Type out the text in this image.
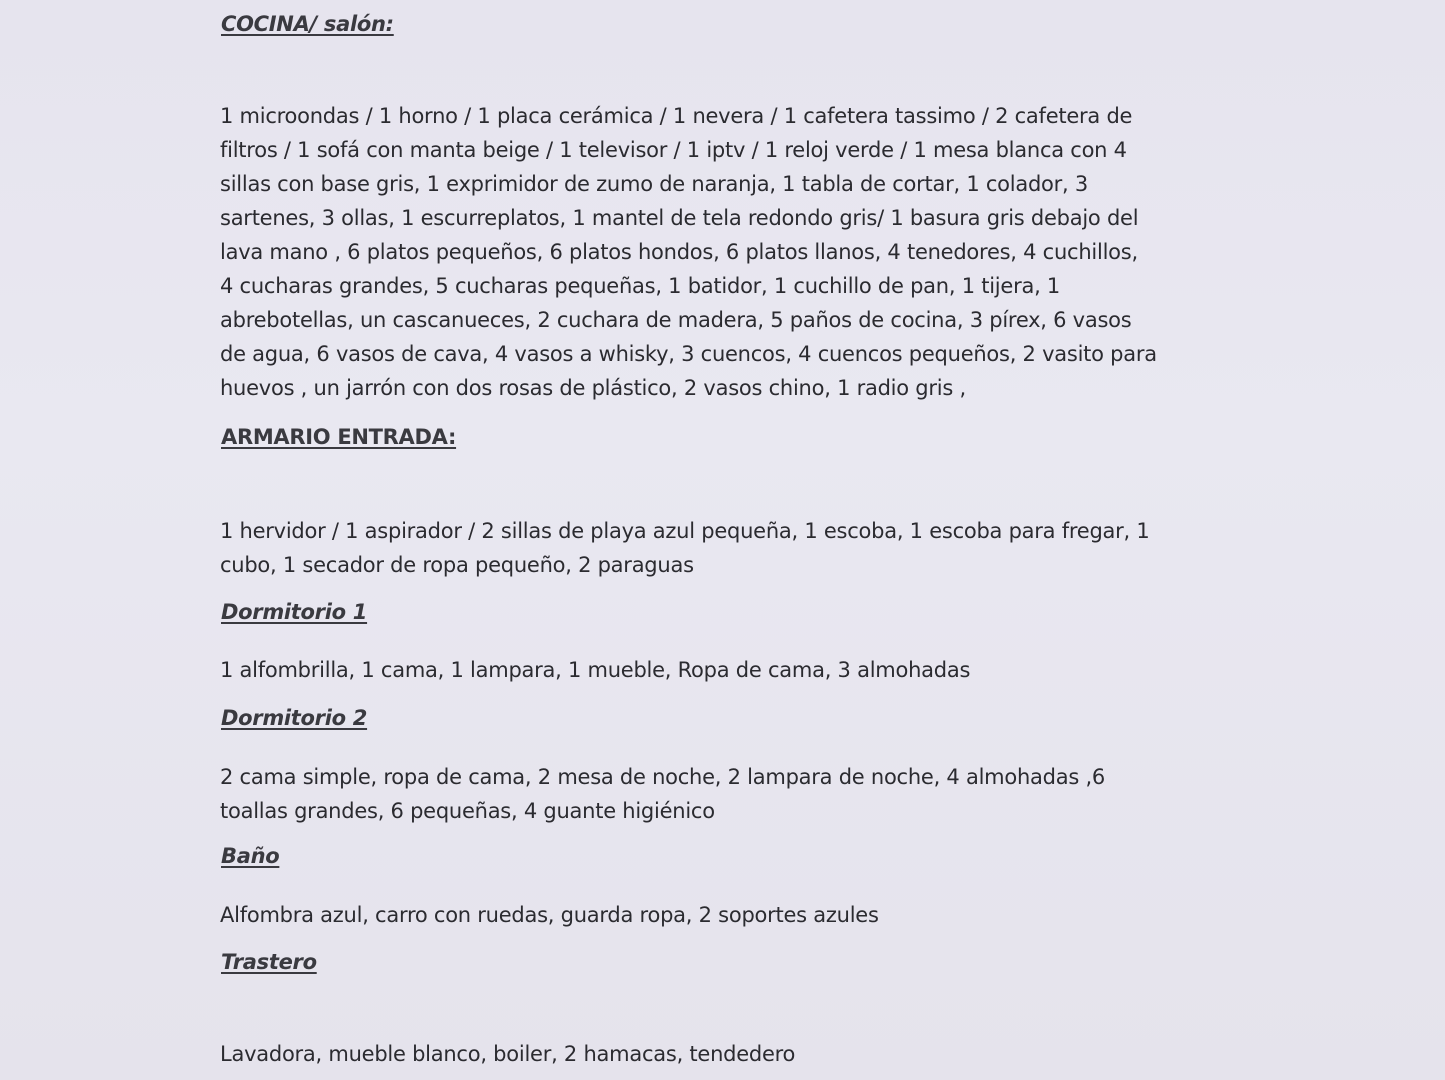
COCINA/ salón:

1 microondas / 1 horno / 1 placa cerámica / 1 nevera / 1 cafetera tassimo / 2 cafetera de
filtros / 1 sofá con manta beige / 1 televisor / 1 iptv / 1 reloj verde / 1 mesa blanca con 4
sillas con base gris, 1 exprimidor de zumo de naranja, 1 tabla de cortar, 1 colador, 3
sartenes, 3 ollas, 1 escurreplatos, 1 mantel de tela redondo gris/ 1 basura gris debajo del
lava mano , 6 platos pequeños, 6 platos hondos, 6 platos llanos, 4 tenedores, 4 cuchillos,
4 cucharas grandes, 5 cucharas pequeñas, 1 batidor, 1 cuchillo de pan, 1 tijera, 1
abrebotellas, un cascanueces, 2 cuchara de madera, 5 paños de cocina, 3 pírex, 6 vasos
de agua, 6 vasos de cava, 4 vasos a whisky, 3 cuencos, 4 cuencos pequeños, 2 vasito para
huevos , un jarrón con dos rosas de plástico, 2 vasos chino, 1 radio gris ,

ARMARIO ENTRADA:

1 hervidor / 1 aspirador / 2 sillas de playa azul pequeña, 1 escoba, 1 escoba para fregar, 1
cubo, 1 secador de ropa pequeño, 2 paraguas

Dormitorio 1

1 alfombrilla, 1 cama, 1 lampara, 1 mueble, Ropa de cama, 3 almohadas

Dormitorio 2

2 cama simple, ropa de cama, 2 mesa de noche, 2 lampara de noche, 4 almohadas ,6
toallas grandes, 6 pequeñas, 4 guante higiénico

Baño

Alfombra azul, carro con ruedas, guarda ropa, 2 soportes azules

Trastero

Lavadora, mueble blanco, boiler, 2 hamacas, tendedero
